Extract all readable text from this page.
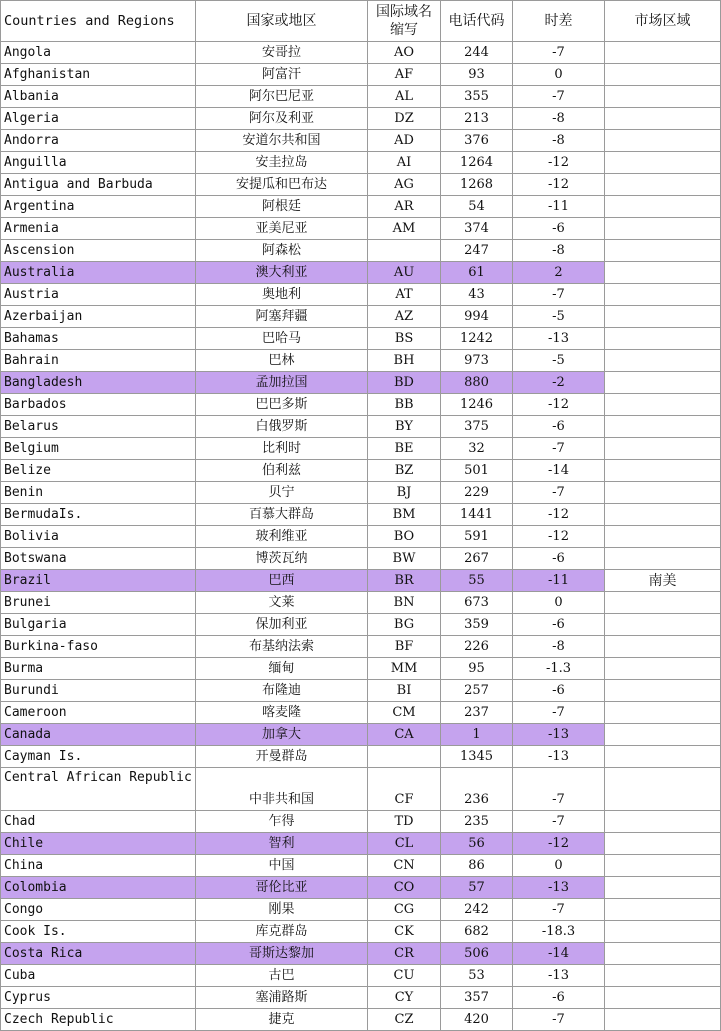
Countries and Regions	国家或地区	国际域名缩写	电话代码	时差	市场区域
Angola	安哥拉	AO	244	-7	
Afghanistan	阿富汗	AF	93	0	
Albania	阿尔巴尼亚	AL	355	-7	
Algeria	阿尔及利亚	DZ	213	-8	
Andorra	安道尔共和国	AD	376	-8	
Anguilla	安圭拉岛	AI	1264	-12	
Antigua and Barbuda	安提瓜和巴布达	AG	1268	-12	
Argentina	阿根廷	AR	54	-11	
Armenia	亚美尼亚	AM	374	-6	
Ascension	阿森松		247	-8	
Australia	澳大利亚	AU	61	2	
Austria	奥地利	AT	43	-7	
Azerbaijan	阿塞拜疆	AZ	994	-5	
Bahamas	巴哈马	BS	1242	-13	
Bahrain	巴林	BH	973	-5	
Bangladesh	孟加拉国	BD	880	-2	
Barbados	巴巴多斯	BB	1246	-12	
Belarus	白俄罗斯	BY	375	-6	
Belgium	比利时	BE	32	-7	
Belize	伯利兹	BZ	501	-14	
Benin	贝宁	BJ	229	-7	
BermudaIs.	百慕大群岛	BM	1441	-12	
Bolivia	玻利维亚	BO	591	-12	
Botswana	博茨瓦纳	BW	267	-6	
Brazil	巴西	BR	55	-11	南美
Brunei	文莱	BN	673	0	
Bulgaria	保加利亚	BG	359	-6	
Burkina-faso	布基纳法索	BF	226	-8	
Burma	缅甸	MM	95	-1.3	
Burundi	布隆迪	BI	257	-6	
Cameroon	喀麦隆	CM	237	-7	
Canada	加拿大	CA	1	-13	
Cayman Is.	开曼群岛		1345	-13	
Central African Republic	中非共和国	CF	236	-7	
Chad	乍得	TD	235	-7	
Chile	智利	CL	56	-12	
China	中国	CN	86	0	
Colombia	哥伦比亚	CO	57	-13	
Congo	刚果	CG	242	-7	
Cook Is.	库克群岛	CK	682	-18.3	
Costa Rica	哥斯达黎加	CR	506	-14	
Cuba	古巴	CU	53	-13	
Cyprus	塞浦路斯	CY	357	-6	
Czech Republic	捷克	CZ	420	-7	
